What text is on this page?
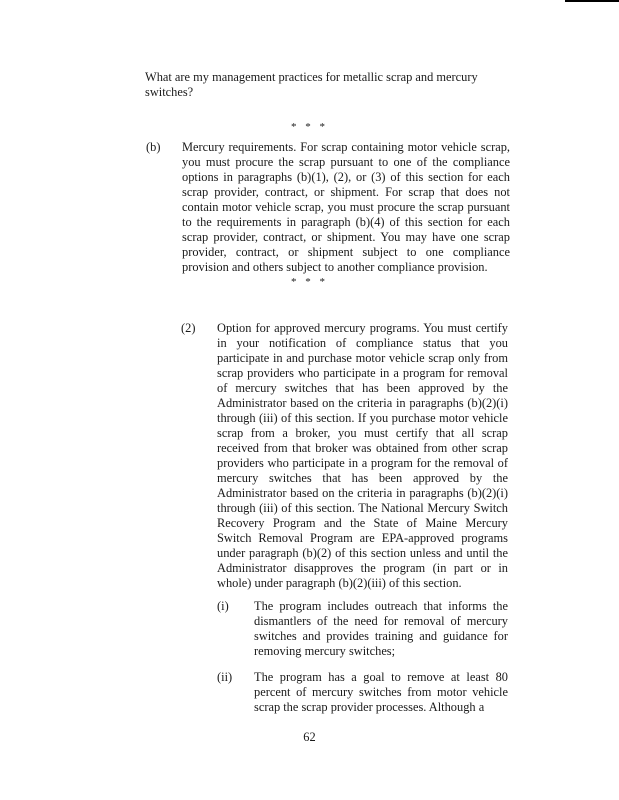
What are my management practices for metallic scrap and mercury switches?

* * *
(b) Mercury requirements. For scrap containing motor vehicle scrap, you must procure the scrap pursuant to one of the compliance options in paragraphs (b)(1), (2), or (3) of this section for each scrap provider, contract, or shipment. For scrap that does not contain motor vehicle scrap, you must procure the scrap pursuant to the requirements in paragraph (b)(4) of this section for each scrap provider, contract, or shipment. You may have one scrap provider, contract, or shipment subject to one compliance provision and others subject to another compliance provision.

* * *
(2) Option for approved mercury programs. You must certify in your notification of compliance status that you participate in and purchase motor vehicle scrap only from scrap providers who participate in a program for removal of mercury switches that has been approved by the Administrator based on the criteria in paragraphs (b)(2)(i) through (iii) of this section. If you purchase motor vehicle scrap from a broker, you must certify that all scrap received from that broker was obtained from other scrap providers who participate in a program for the removal of mercury switches that has been approved by the Administrator based on the criteria in paragraphs (b)(2)(i) through (iii) of this section. The National Mercury Switch Recovery Program and the State of Maine Mercury Switch Removal Program are EPA-approved programs under paragraph (b)(2) of this section unless and until the Administrator disapproves the program (in part or in whole) under paragraph (b)(2)(iii) of this section.

(i) The program includes outreach that informs the dismantlers of the need for removal of mercury switches and provides training and guidance for removing mercury switches;

(ii) The program has a goal to remove at least 80 percent of mercury switches from motor vehicle scrap the scrap provider processes. Although a

62
